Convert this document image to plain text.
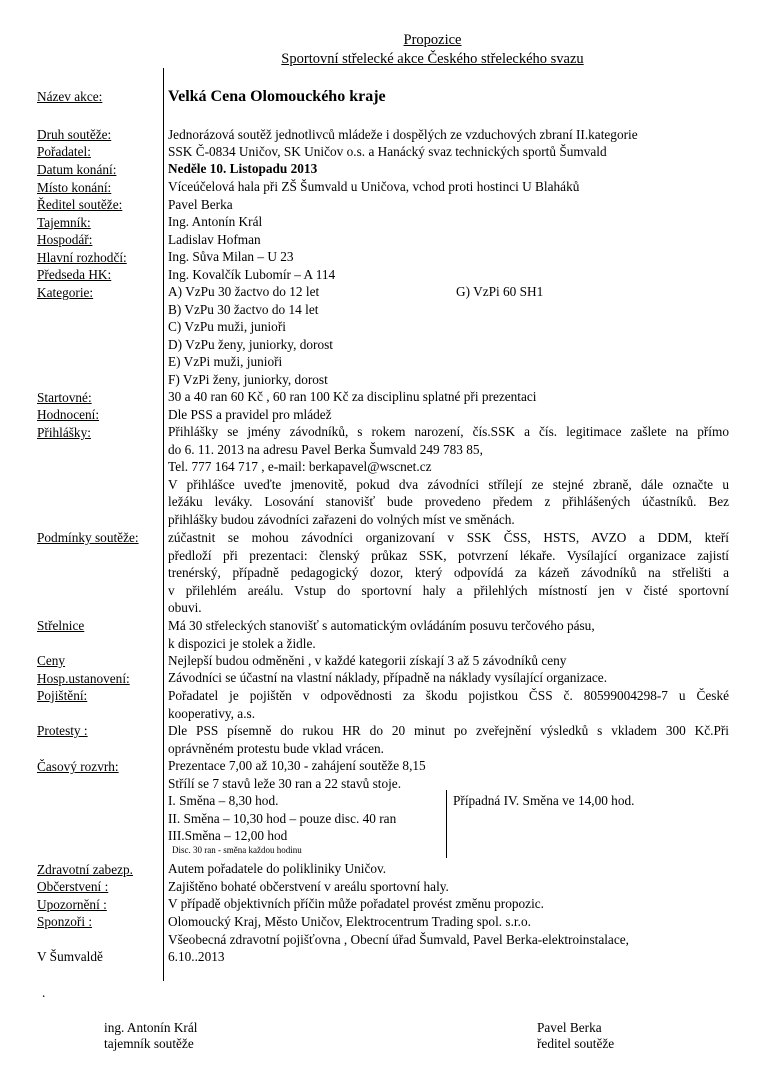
Propozice
Sportovní střelecké akce Českého střeleckého svazu
Název akce:	Velká Cena Olomouckého kraje
Druh soutěže:	Jednorázová soutěž jednotlivců mládeže i dospělých ze vzduchových zbraní II.kategorie
Pořadatel:	SSK Č-0834 Uničov, SK Uničov o.s. a Hanácký svaz technických sportů Šumvald
Datum konání:	Neděle 10. Listopadu 2013
Místo konání:	Víceúčelová hala při ZŠ Šumvald u Uničova, vchod proti hostinci U Blaháků
Ředitel soutěže:	Pavel Berka
Tajemník:	Ing. Antonín Král
Hospodář:	Ladislav Hofman
Hlavní rozhodčí:	Ing. Sůva Milan – U 23
Předseda HK:	Ing. Kovalčík Lubomír – A 114
Kategorie:	A) VzPu 30 žactvo do 12 let
B) VzPu 30 žactvo do 14 let
C) VzPu muži, junioři
D) VzPu ženy, juniorky, dorost
E) VzPi muži, junioři
F) VzPi ženy, juniorky, dorost
G) VzPi 60 SH1
Startovné:	30 a 40 ran 60 Kč , 60 ran 100 Kč za disciplinu splatné při prezentaci
Hodnocení:	Dle PSS a pravidel pro mládež
Přihlášky:	Přihlášky se jmény závodníků, s rokem narození, čís.SSK a čís. legitimace zašlete na přímo
do 6. 11. 2013 na adresu Pavel Berka Šumvald 249 783 85,
Tel. 777 164 717 , e-mail: berkapavel@wscnet.cz
V přihlášce uveďte jmenovitě, pokud dva závodníci střílejí ze stejné zbraně, dále označte u
ležáku leváky. Losování stanovišť bude provedeno předem z přihlášených účastníků. Bez
přihlášky budou závodníci zařazeni do volných míst ve směnách.
Podmínky soutěže: zúčastnit se mohou závodníci organizovaní v SSK ČSS, HSTS, AVZO a DDM, kteří
předloží při prezentaci: členský průkaz SSK, potvrzení lékaře. Vysílající organizace zajistí
trenérský, případně pedagogický dozor, který odpovídá za kázeň závodníků na střelišti a
v přilehlém areálu. Vstup do sportovní haly a přilehlých místností jen v čisté sportovní
obuvi.
Střelnice	Má 30 střeleckých stanovišť s automatickým ovládáním posuvu terčového pásu,
k dispozici je stolek a židle.
Ceny	Nejlepší budou odměněni , v každé kategorii získají 3 až 5 závodníků ceny
Hosp.ustanovení:	Závodníci se účastní na vlastní náklady, případně na náklady vysílající organizace.
Pojištění:	Pořadatel je pojištěn v odpovědnosti za škodu pojistkou ČSS č. 80599004298-7 u České
kooperativy, a.s.
Protesty :	Dle PSS písemně do rukou HR do 20 minut po zveřejnění výsledků s vkladem 300 Kč.Při
oprávněném protestu bude vklad vrácen.
Časový rozvrh:	Prezentace 7,00 až 10,30 - zahájení soutěže 8,15
Střílí se 7 stavů leže 30 ran a 22 stavů stoje.
I. Směna – 8,30 hod.
II. Směna – 10,30 hod – pouze disc. 40 ran
III.Směna – 12,00 hod
Disc. 30 ran - směna každou hodinu
Případná IV. Směna ve 14,00 hod.
Zdravotní zabezp.	Autem pořadatele do polikliniky Uničov.
Občerstvení :	Zajištěno bohaté občerstvení v areálu sportovní haly.
Upozornění :	V případě objektivních příčin může pořadatel provést změnu propozic.
Sponzoři :	Olomoucký Kraj, Město Uničov, Elektrocentrum Trading spol. s.r.o.
Všeobecná zdravotní pojišťovna , Obecní úřad Šumvald, Pavel Berka-elektroinstalace,
V Šumvaldě	6.10..2013
.
ing. Antonín Král
tajemník soutěže
Pavel Berka
ředitel soutěže
